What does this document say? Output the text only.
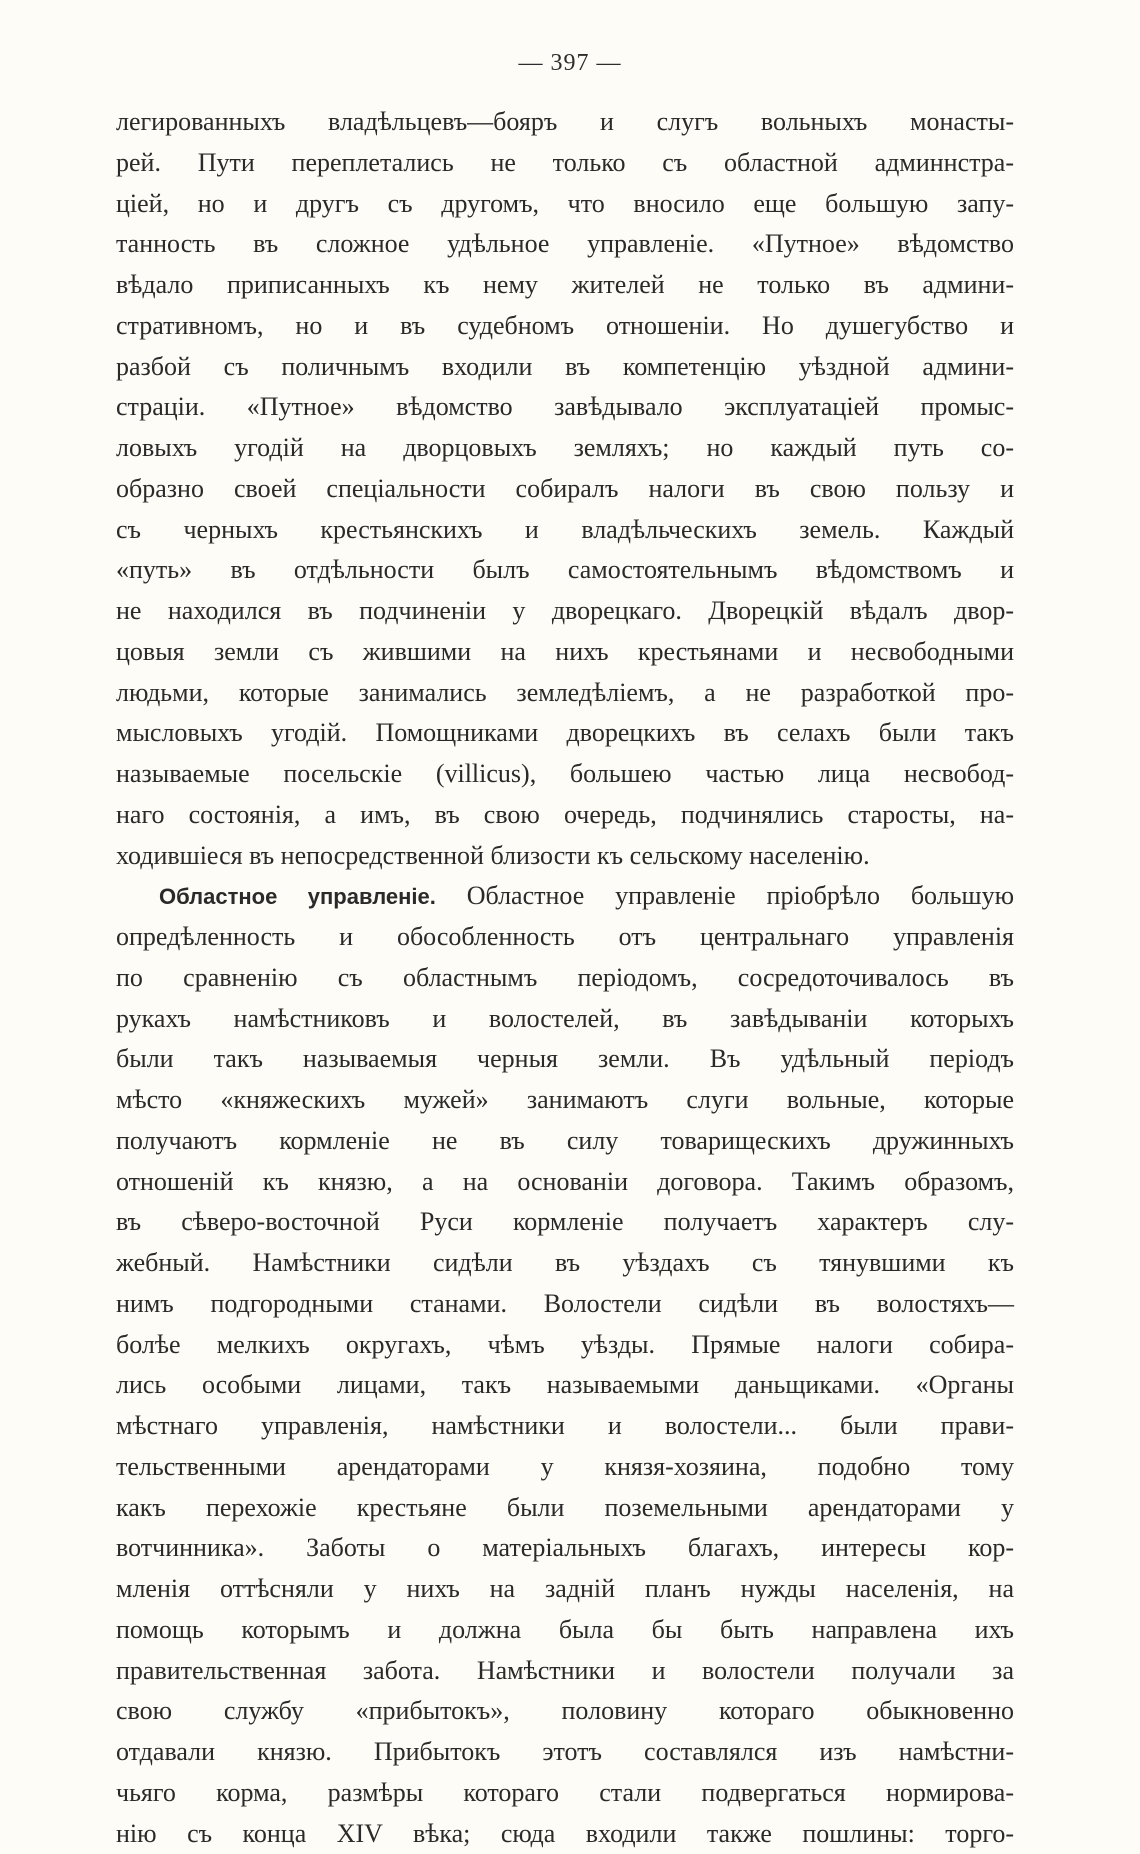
— 397 —
легированныхъ владѣльцевъ—бояръ и слугъ вольныхъ монасты-
рей. Пути переплетались не только съ областной админнстра-
ціей, но и другъ съ другомъ, что вносило еще большую запу-
танность въ сложное удѣльное управленіе. «Путное» вѣдомство
вѣдало приписанныхъ къ нему жителей не только въ админи-
стративномъ, но и въ судебномъ отношеніи. Но душегубство и
разбой съ поличнымъ входили въ компетенцію уѣздной админи-
страціи. «Путное» вѣдомство завѣдывало эксплуатаціей промыс-
ловыхъ угодій на дворцовыхъ земляхъ; но каждый путь со-
образно своей спеціальности собиралъ налоги въ свою пользу и
съ черныхъ крестьянскихъ и владѣльческихъ земель. Каждый
«путь» въ отдѣльности былъ самостоятельнымъ вѣдомствомъ и
не находился въ подчиненіи у дворецкаго. Дворецкій вѣдалъ двор-
цовыя земли съ жившими на нихъ крестьянами и несвободными
людьми, которые занимались земледѣліемъ, а не разработкой про-
мысловыхъ угодій. Помощниками дворецкихъ въ селахъ были такъ
называемые посельскіе (villicus), большею частью лица несвобод-
наго состоянія, а имъ, въ свою очередь, подчинялись старосты, на-
ходившіеся въ непосредственной близости къ сельскому населенію.
Областное управленіе. Областное управленіе пріобрѣло большую
опредѣленность и обособленность отъ центральнаго управленія
по сравненію съ областнымъ періодомъ, сосредоточивалось въ
рукахъ намѣстниковъ и волостелей, въ завѣдываніи которыхъ
были такъ называемыя черныя земли. Въ удѣльный періодъ
мѣсто «княжескихъ мужей» занимаютъ слуги вольные, которые
получаютъ кормленіе не въ силу товарищескихъ дружинныхъ
отношеній къ князю, а на основаніи договора. Такимъ образомъ,
въ сѣверо-восточной Руси кормленіе получаетъ характеръ слу-
жебный. Намѣстники сидѣли въ уѣздахъ съ тянувшими къ
нимъ подгородными станами. Волостели сидѣли въ волостяхъ—
болѣе мелкихъ округахъ, чѣмъ уѣзды. Прямые налоги собира-
лись особыми лицами, такъ называемыми даньщиками. «Органы
мѣстнаго управленія, намѣстники и волостели... были прави-
тельственными арендаторами у князя-хозяина, подобно тому
какъ перехожіе крестьяне были поземельными арендаторами у
вотчинника». Заботы о матеріальныхъ благахъ, интересы кор-
мленія оттѣсняли у нихъ на задній планъ нужды населенія, на
помощь которымъ и должна была бы быть направлена ихъ
правительственная забота. Намѣстники и волостели получали за
свою службу «прибытокъ», половину котораго обыкновенно
отдавали князю. Прибытокъ этотъ составлялся изъ намѣстни-
чьяго корма, размѣры котораго стали подвергаться нормирова-
нію съ конца XIV вѣка; сюда входили также пошлины: торго-
